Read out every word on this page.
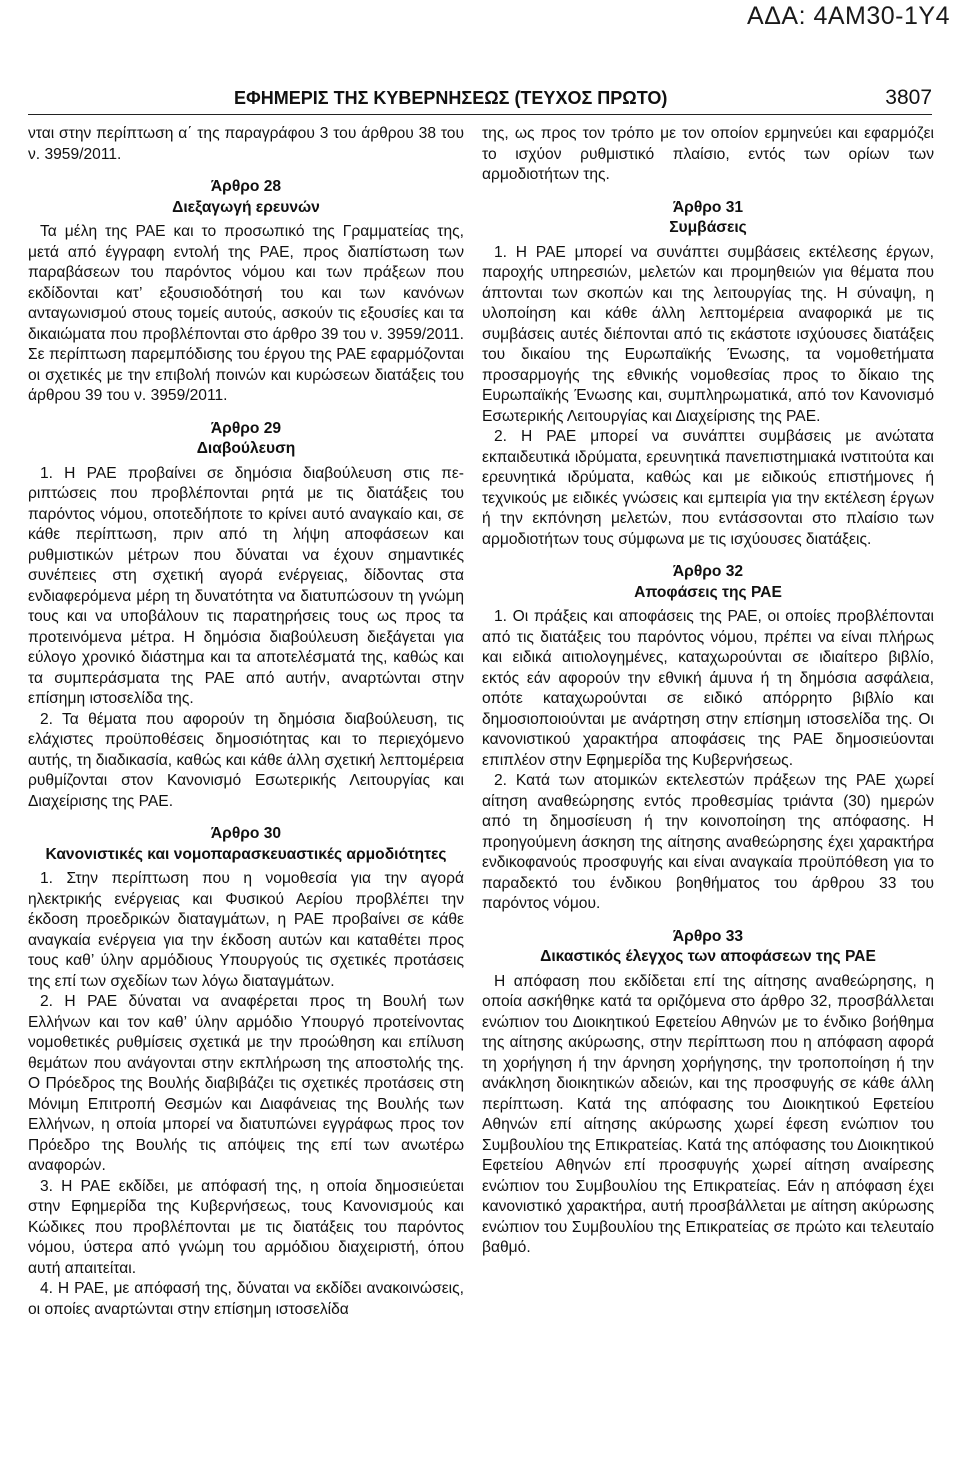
ΑΔΑ: 4ΑΜ30-1Υ4
ΕΦΗΜΕΡΙΣ ΤΗΣ ΚΥΒΕΡΝΗΣΕΩΣ (ΤΕΥΧΟΣ ΠΡΩΤΟ)	3807

νται στην περίπτωση α΄ της παραγράφου 3 του άρθρου 38 του ν. 3959/2011.

Άρθρο 28
Διεξαγωγή ερευνών

Τα μέλη της ΡΑΕ και το προσωπικό της Γραμματείας της, μετά από έγγραφη εντολή της ΡΑΕ, προς διαπίστωση των παραβάσεων του παρόντος νόμου και των πράξεων που εκδίδονται κατ’ εξουσιοδότησή του και των κανόνων ανταγωνισμού στους τομείς αυτούς, ασκούν τις εξουσίες και τα δικαιώματα που προβλέπονται στο άρθρο 39 του ν. 3959/2011. Σε περίπτωση παρεμπόδισης του έργου της ΡΑΕ εφαρμόζονται οι σχετικές με την επιβολή ποινών και κυρώσεων διατάξεις του άρθρου 39 του ν. 3959/2011.

Άρθρο 29
Διαβούλευση

1. Η ΡΑΕ προβαίνει σε δημόσια διαβούλευση στις περιπτώσεις που προβλέπονται ρητά με τις διατάξεις του παρόντος νόμου, οποτεδήποτε το κρίνει αυτό αναγκαίο και, σε κάθε περίπτωση, πριν από τη λήψη αποφάσεων και ρυθμιστικών μέτρων που δύναται να έχουν σημαντικές συνέπειες στη σχετική αγορά ενέργειας, δίδοντας στα ενδιαφερόμενα μέρη τη δυνατότητα να διατυπώσουν τη γνώμη τους και να υποβάλουν τις παρατηρήσεις τους ως προς τα προτεινόμενα μέτρα. Η δημόσια διαβούλευση διεξάγεται για εύλογο χρονικό διάστημα και τα αποτελέσματά της, καθώς και τα συμπεράσματα της ΡΑΕ από αυτήν, αναρτώνται στην επίσημη ιστοσελίδα της.

2. Τα θέματα που αφορούν τη δημόσια διαβούλευση, τις ελάχιστες προϋποθέσεις δημοσιότητας και το περιεχόμενο αυτής, τη διαδικασία, καθώς και κάθε άλλη σχετική λεπτομέρεια ρυθμίζονται στον Κανονισμό Εσωτερικής Λειτουργίας και Διαχείρισης της ΡΑΕ.

Άρθρο 30
Κανονιστικές και νομοπαρασκευαστικές αρμοδιότητες

1. Στην περίπτωση που η νομοθεσία για την αγορά ηλεκτρικής ενέργειας και Φυσικού Αερίου προβλέπει την έκδοση προεδρικών διαταγμάτων, η ΡΑΕ προβαίνει σε κάθε αναγκαία ενέργεια για την έκδοση αυτών και καταθέτει προς τους καθ’ ύλην αρμόδιους Υπουργούς τις σχετικές προτάσεις της επί των σχεδίων των λόγω διαταγμάτων.

2. Η ΡΑΕ δύναται να αναφέρεται προς τη Βουλή των Ελλήνων και τον καθ’ ύλην αρμόδιο Υπουργό προτείνοντας νομοθετικές ρυθμίσεις σχετικά με την προώθηση και επίλυση θεμάτων που ανάγονται στην εκπλήρωση της αποστολής της. Ο Πρόεδρος της Βουλής διαβιβάζει τις σχετικές προτάσεις στη Μόνιμη Επιτροπή Θεσμών και Διαφάνειας της Βουλής των Ελλήνων, η οποία μπορεί να διατυπώνει εγγράφως προς τον Πρόεδρο της Βουλής τις απόψεις της επί των ανωτέρω αναφορών.

3. Η ΡΑΕ εκδίδει, με απόφασή της, η οποία δημοσιεύεται στην Εφημερίδα της Κυβερνήσεως, τους Κανονισμούς και Κώδικες που προβλέπονται με τις διατάξεις του παρόντος νόμου, ύστερα από γνώμη του αρμόδιου διαχειριστή, όπου αυτή απαιτείται.

4. Η ΡΑΕ, με απόφασή της, δύναται να εκδίδει ανακοινώσεις, οι οποίες αναρτώνται στην επίσημη ιστοσελίδα

της, ως προς τον τρόπο με τον οποίον ερμηνεύει και εφαρμόζει το ισχύον ρυθμιστικό πλαίσιο, εντός των ορίων των αρμοδιοτήτων της.

Άρθρο 31
Συμβάσεις

1. Η ΡΑΕ μπορεί να συνάπτει συμβάσεις εκτέλεσης έργων, παροχής υπηρεσιών, μελετών και προμηθειών για θέματα που άπτονται των σκοπών και της λειτουργίας της. Η σύναψη, η υλοποίηση και κάθε άλλη λεπτομέρεια αναφορικά με τις συμβάσεις αυτές διέπονται από τις εκάστοτε ισχύουσες διατάξεις του δικαίου της Ευρωπαϊκής Ένωσης, τα νομοθετήματα προσαρμογής της εθνικής νομοθεσίας προς το δίκαιο της Ευρωπαϊκής Ένωσης και, συμπληρωματικά, από τον Κανονισμό Εσωτερικής Λειτουργίας και Διαχείρισης της ΡΑΕ.

2. Η ΡΑΕ μπορεί να συνάπτει συμβάσεις με ανώτατα εκπαιδευτικά ιδρύματα, ερευνητικά πανεπιστημιακά ινστιτούτα και ερευνητικά ιδρύματα, καθώς και με ειδικούς επιστήμονες ή τεχνικούς με ειδικές γνώσεις και εμπειρία για την εκτέλεση έργων ή την εκπόνηση μελετών, που εντάσσονται στο πλαίσιο των αρμοδιοτήτων τους σύμφωνα με τις ισχύουσες διατάξεις.

Άρθρο 32
Αποφάσεις της ΡΑΕ

1. Οι πράξεις και αποφάσεις της ΡΑΕ, οι οποίες προβλέπονται από τις διατάξεις του παρόντος νόμου, πρέπει να είναι πλήρως και ειδικά αιτιολογημένες, καταχωρούνται σε ιδιαίτερο βιβλίο, εκτός εάν αφορούν την εθνική άμυνα ή τη δημόσια ασφάλεια, οπότε καταχωρούνται σε ειδικό απόρρητο βιβλίο και δημοσιοποιούνται με ανάρτηση στην επίσημη ιστοσελίδα της. Οι κανονιστικού χαρακτήρα αποφάσεις της ΡΑΕ δημοσιεύονται επιπλέον στην Εφημερίδα της Κυβερνήσεως.

2. Κατά των ατομικών εκτελεστών πράξεων της ΡΑΕ χωρεί αίτηση αναθεώρησης εντός προθεσμίας τριάντα (30) ημερών από τη δημοσίευση ή την κοινοποίηση της απόφασης. Η προηγούμενη άσκηση της αίτησης αναθεώρησης έχει χαρακτήρα ενδικοφανούς προσφυγής και είναι αναγκαία προϋπόθεση για το παραδεκτό του ένδικου βοηθήματος του άρθρου 33 του παρόντος νόμου.

Άρθρο 33
Δικαστικός έλεγχος των αποφάσεων της ΡΑΕ

Η απόφαση που εκδίδεται επί της αίτησης αναθεώρησης, η οποία ασκήθηκε κατά τα οριζόμενα στο άρθρο 32, προσβάλλεται ενώπιον του Διοικητικού Εφετείου Αθηνών με το ένδικο βοήθημα της αίτησης ακύρωσης, στην περίπτωση που η απόφαση αφορά τη χορήγηση ή την άρνηση χορήγησης, την τροποποίηση ή την ανάκληση διοικητικών αδειών, και της προσφυγής σε κάθε άλλη περίπτωση. Κατά της απόφασης του Διοικητικού Εφετείου Αθηνών επί αίτησης ακύρωσης χωρεί έφεση ενώπιον του Συμβουλίου της Επικρατείας. Κατά της απόφασης του Διοικητικού Εφετείου Αθηνών επί προσφυγής χωρεί αίτηση αναίρεσης ενώπιον του Συμβουλίου της Επικρατείας. Εάν η απόφαση έχει κανονιστικό χαρακτήρα, αυτή προσβάλλεται με αίτηση ακύρωσης ενώπιον του Συμβουλίου της Επικρατείας σε πρώτο και τελευταίο βαθμό.
